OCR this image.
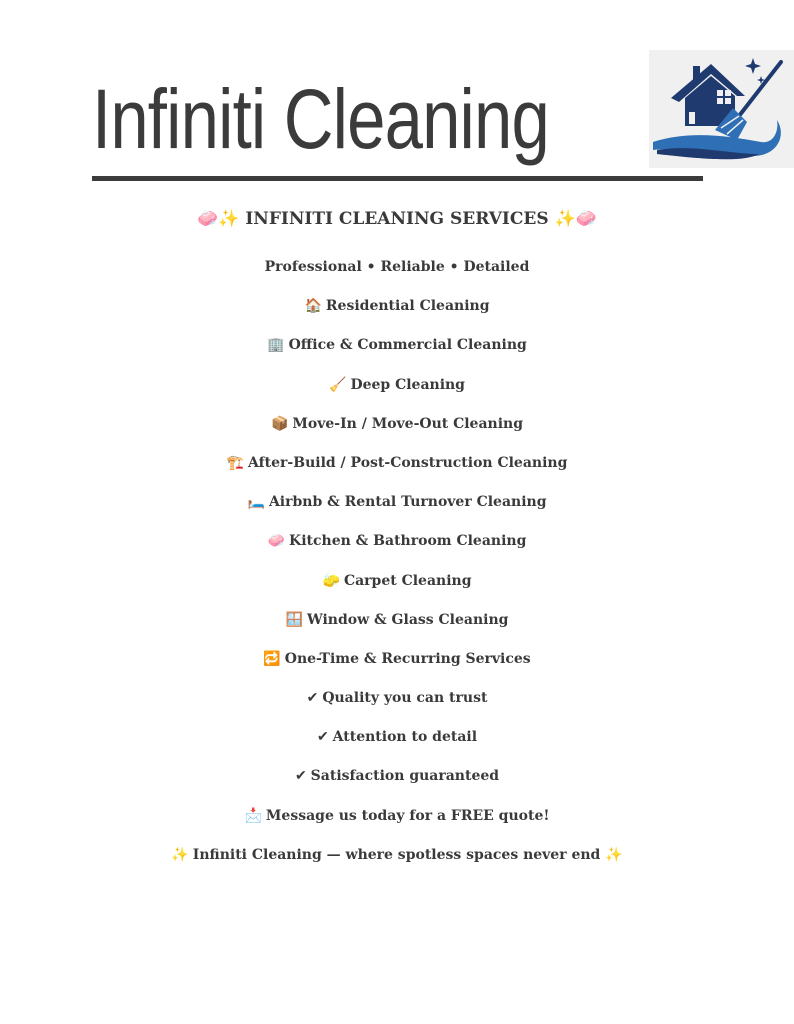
Infiniti Cleaning
🧼✨ INFINITI CLEANING SERVICES ✨🧼
Professional • Reliable • Detailed
🏠 Residential Cleaning
🏢 Office & Commercial Cleaning
🧹 Deep Cleaning
📦 Move-In / Move-Out Cleaning
🏗️ After-Build / Post-Construction Cleaning
🛏️ Airbnb & Rental Turnover Cleaning
🧼 Kitchen & Bathroom Cleaning
🧽 Carpet Cleaning
🪟 Window & Glass Cleaning
🔁 One-Time & Recurring Services
✔ Quality you can trust
✔ Attention to detail
✔ Satisfaction guaranteed
📩 Message us today for a FREE quote!
✨ Infiniti Cleaning — where spotless spaces never end ✨
